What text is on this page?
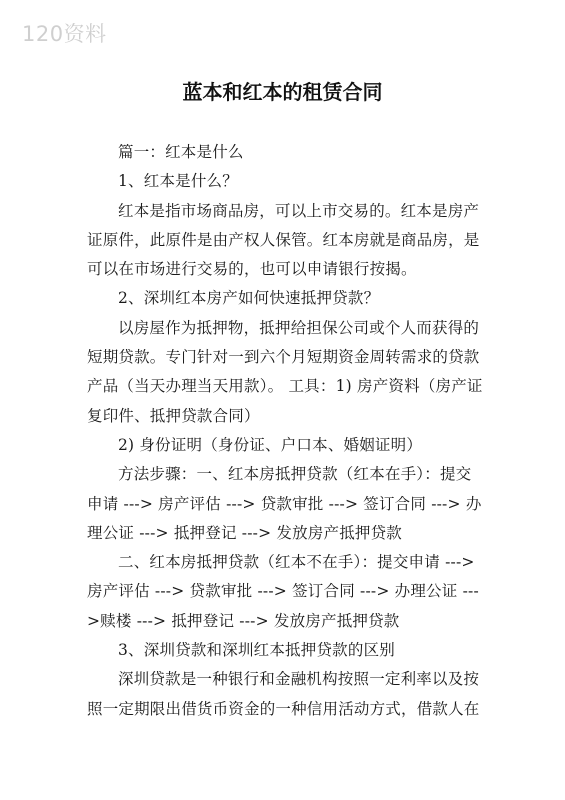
120资料
蓝本和红本的租赁合同

篇一：红本是什么

1、红本是什么？

红本是指市场商品房，可以上市交易的。红本是房产证原件，此原件是由产权人保管。红本房就是商品房，是可以在市场进行交易的，也可以申请银行按揭。

2、深圳红本房产如何快速抵押贷款？

以房屋作为抵押物，抵押给担保公司或个人而获得的短期贷款。专门针对一到六个月短期资金周转需求的贷款产品（当天办理当天用款）。 工具：1) 房产资料（房产证复印件、抵押贷款合同）

2) 身份证明（身份证、户口本、婚姻证明）

方法步骤：一、红本房抵押贷款（红本在手）：提交申请 ---> 房产评估 ---> 贷款审批 ---> 签订合同 ---> 办理公证 ---> 抵押登记 ---> 发放房产抵押贷款

二、红本房抵押贷款（红本不在手）：提交申请 ---> 房产评估 ---> 贷款审批 ---> 签订合同 ---> 办理公证 --->赎楼 ---> 抵押登记 ---> 发放房产抵押贷款

3、深圳贷款和深圳红本抵押贷款的区别

深圳贷款是一种银行和金融机构按照一定利率以及按照一定期限出借货币资金的一种信用活动方式，借款人在
